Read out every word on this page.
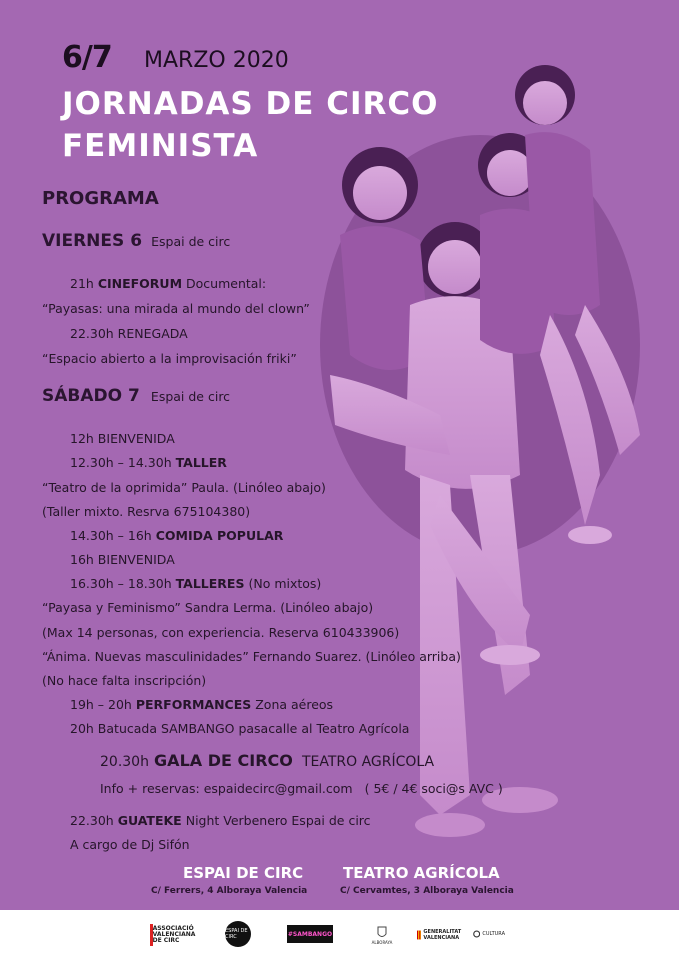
6/7 MARZO 2020
JORNADAS DE CIRCO
FEMINISTA
PROGRAMA
VIERNES 6 Espai de circ
21h CINEFORUM Documental:
“Payasas: una mirada al mundo del clown”
22.30h RENEGADA
“Espacio abierto a la improvisación friki”
SÁBADO 7 Espai de circ
12h BIENVENIDA
12.30h – 14.30h TALLER
“Teatro de la oprimida” Paula. (Linóleo abajo)
(Taller mixto. Resrva 675104380)
14.30h – 16h COMIDA POPULAR
16h BIENVENIDA
16.30h – 18.30h TALLERES (No mixtos)
“Payasa y Feminismo” Sandra Lerma. (Linóleo abajo)
(Max 14 personas, con experiencia. Reserva 610433906)
“Ánima. Nuevas masculinidades” Fernando Suarez. (Linóleo arriba)
(No hace falta inscripción)
19h – 20h PERFORMANCES Zona aéreos
20h Batucada SAMBANGO pasacalle al Teatro Agrícola
20.30h GALA DE CIRCO TEATRO AGRÍCOLA
Info + reservas: espaidecirc@gmail.com ( 5€ / 4€ soci@s AVC )
22.30h GUATEKE Night Verbenero Espai de circ
A cargo de Dj Sifón
ESPAI DE CIRC
C/ Ferrers, 4 Alboraya Valencia
TEATRO AGRÍCOLA
C/ Cervamtes, 3 Alboraya Valencia
ASSOCIACIÓ VALENCIANA DE CIRC
ESPAI DE CIRC	#SAMBANGO
ALBORAYA
GENERALITAT VALENCIANA
CULTURA
